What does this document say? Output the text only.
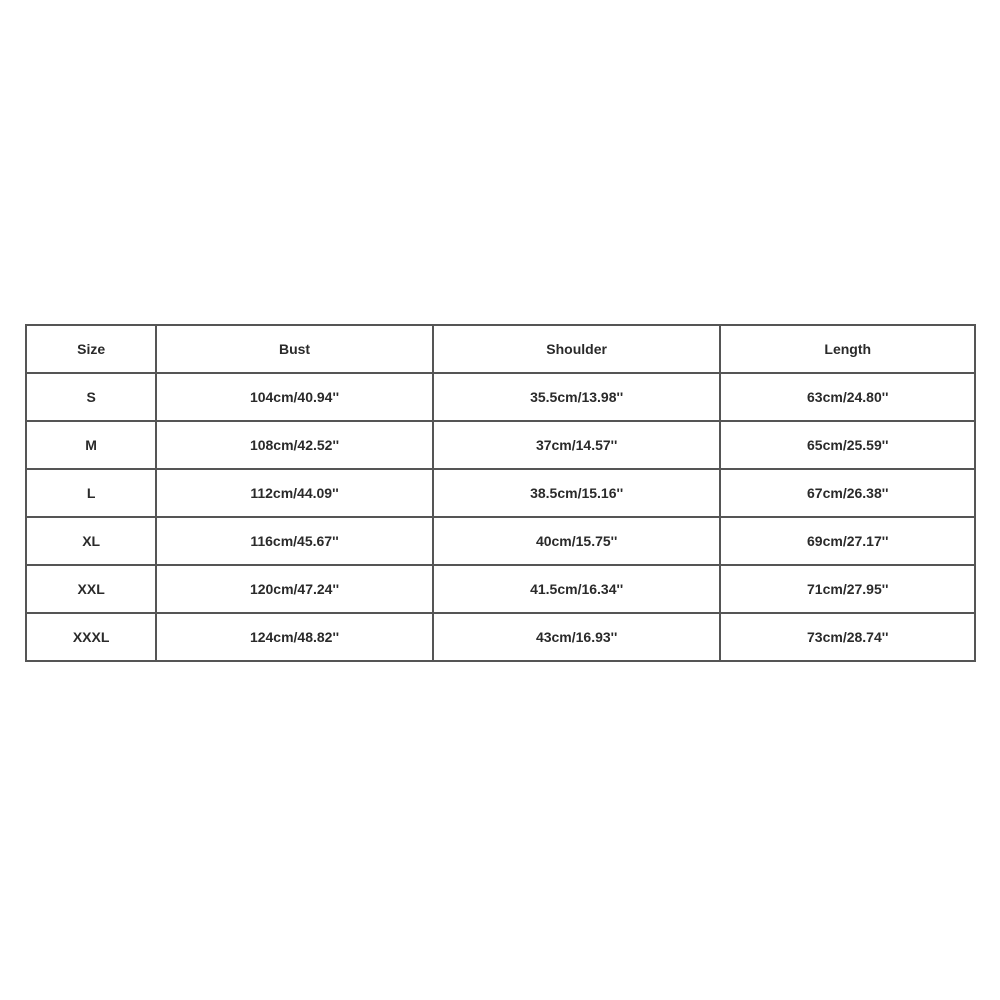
Size	Bust	Shoulder	Length
S	104cm/40.94''	35.5cm/13.98''	63cm/24.80''
M	108cm/42.52''	37cm/14.57''	65cm/25.59''
L	112cm/44.09''	38.5cm/15.16''	67cm/26.38''
XL	116cm/45.67''	40cm/15.75''	69cm/27.17''
XXL	120cm/47.24''	41.5cm/16.34''	71cm/27.95''
XXXL	124cm/48.82''	43cm/16.93''	73cm/28.74''
